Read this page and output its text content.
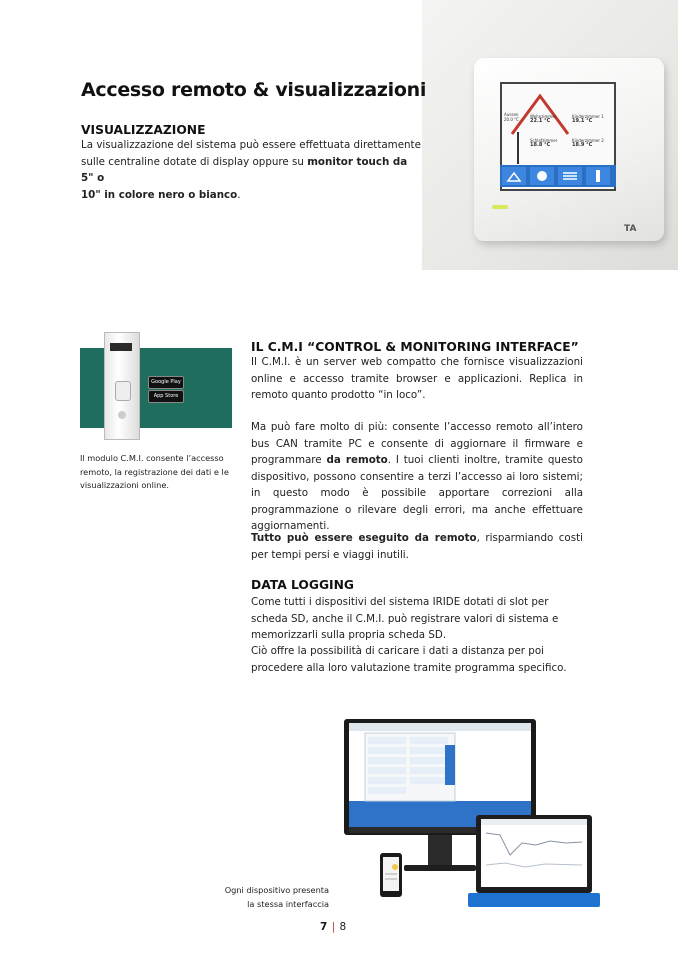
Aussen
20.0 °C
Wohnzimmer
22.1 °C
Kinderzimmer 1
19.1 °C
Schlafzimmer
18.8 °C
Kinderzimmer 2
18.9 °C
TA
Accesso remoto & visualizzazioni
VISUALIZZAZIONE
La visualizzazione del sistema può essere effettuata direttamente
sulle centraline dotate di display oppure su monitor touch da 5" o
10" in colore nero o bianco.
Google Play
App Store
Il modulo C.M.I. consente l’accesso remoto, la registrazione dei dati e le visualizzazioni online.
IL C.M.I “CONTROL & MONITORING INTERFACE”
Il C.M.I. è un server web compatto che fornisce visualizzazioni online e accesso tramite browser e applicazioni. Replica in remoto quanto prodotto “in loco”.
Ma può fare molto di più: consente l’accesso remoto all’intero bus CAN tramite PC e consente di aggiornare il firmware e programmare da remoto. I tuoi clienti inoltre, tramite questo dispositivo, possono consentire a terzi l’accesso ai loro sistemi; in questo modo è possibile apportare correzioni alla programmazione o rilevare degli errori, ma anche effettuare aggiornamenti.
Tutto può essere eseguito da remoto, risparmiando costi per tempi persi e viaggi inutili.
DATA LOGGING
Come tutti i dispositivi del sistema IRIDE dotati di slot per scheda SD, anche il C.M.I. può registrare valori di sistema e memorizzarli sulla propria scheda SD.
Ciò offre la possibilità di caricare i dati a distanza per poi procedere alla loro valutazione tramite programma specifico.
Ogni dispositivo presenta
la stessa interfaccia
7 | 8
